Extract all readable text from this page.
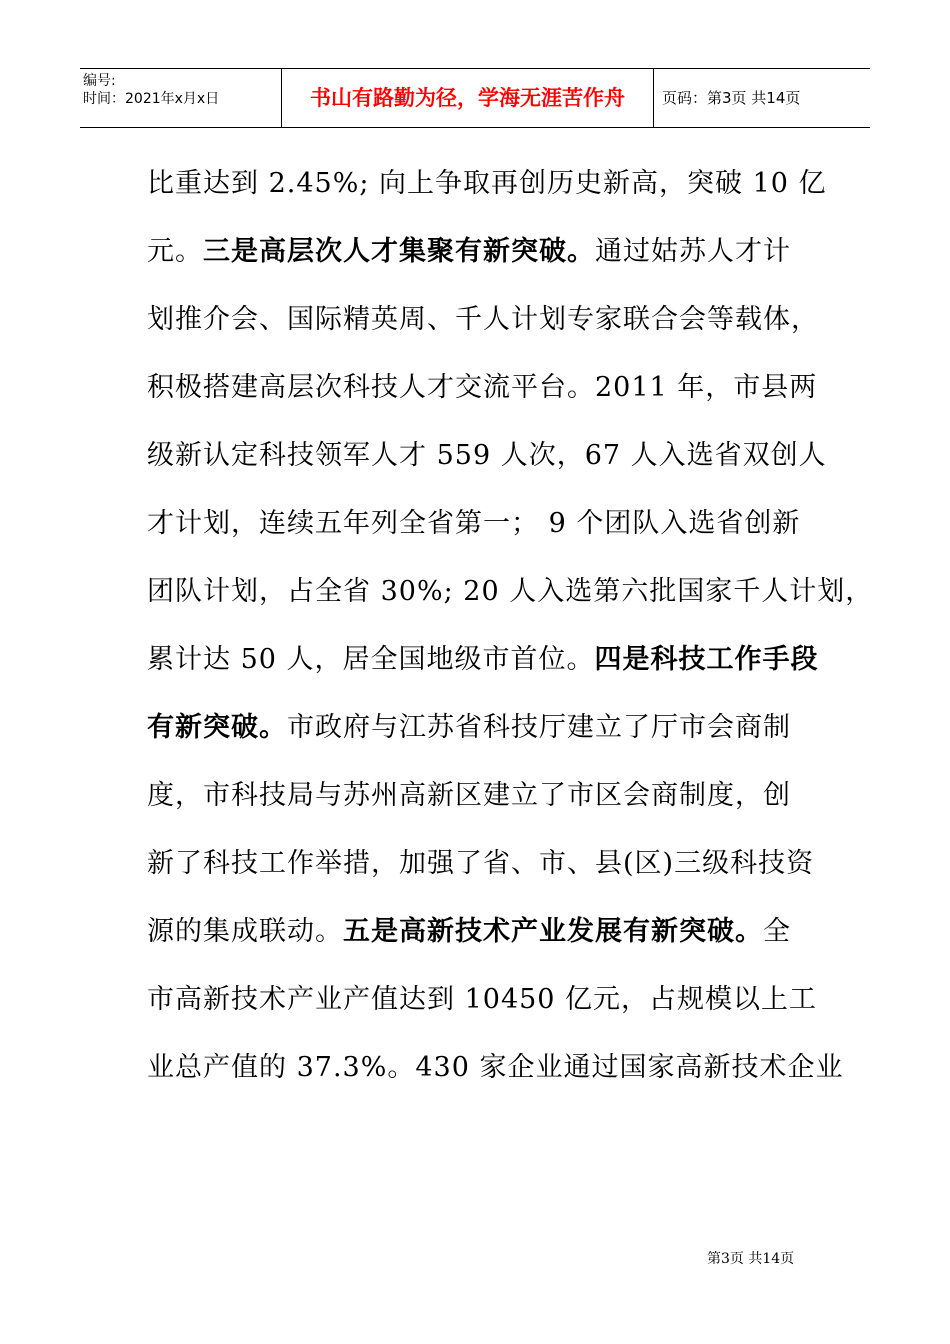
编号:
时间：2021年x月x日	书山有路勤为径，学海无涯苦作舟	页码：第3页 共14页
比重达到 2.45%; 向上争取再创历史新高，突破 10 亿
元。三是高层次人才集聚有新突破。通过姑苏人才计
划推介会、国际精英周、千人计划专家联合会等载体，
积极搭建高层次科技人才交流平台。2011 年，市县两
级新认定科技领军人才 559 人次，67 人入选省双创人
才计划，连续五年列全省第一； 9 个团队入选省创新
团队计划，占全省 30%; 20 人入选第六批国家千人计划，
累计达 50 人，居全国地级市首位。四是科技工作手段
有新突破。市政府与江苏省科技厅建立了厅市会商制
度，市科技局与苏州高新区建立了市区会商制度，创
新了科技工作举措，加强了省、市、县(区)三级科技资
源的集成联动。五是高新技术产业发展有新突破。全
市高新技术产业产值达到 10450 亿元，占规模以上工
业总产值的 37.3%。430 家企业通过国家高新技术企业
第3页 共14页
